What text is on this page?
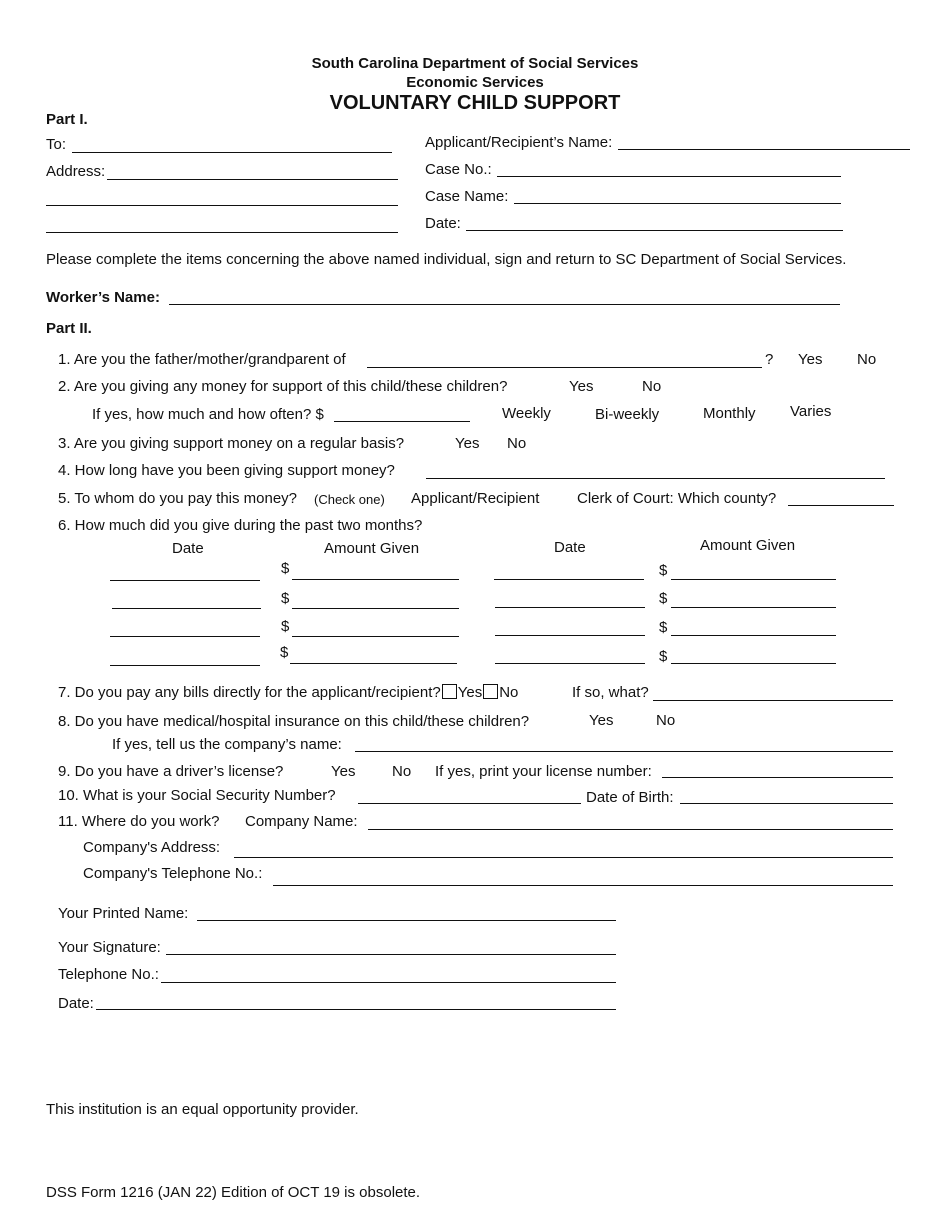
South Carolina Department of Social Services
Economic Services
VOLUNTARY CHILD SUPPORT
Part I.
To:
Address:
Applicant/Recipient’s Name:
Case No.:
Case Name:
Date:
Please complete the items concerning the above named individual, sign and return to SC Department of Social Services.
Worker’s Name:
Part II.
1. Are you the father/mother/grandparent of	? Yes No
2. Are you giving any money for support of this child/these children?	Yes	No
If yes, how much and how often? $	Weekly	Bi-weekly	Monthly Varies
3. Are you giving support money on a regular basis?	Yes No
4. How long have you been giving support money?
5. To whom do you pay this money? (Check one) Applicant/Recipient	Clerk of Court: Which county?
6. How much did you give during the past two months?
Date	Amount Given	Date	Amount Given
$	$
$	$
$	$
$	$
7. Do you pay any bills directly for the applicant/recipient? Yes No	If so, what?
8. Do you have medical/hospital insurance on this child/these children?	Yes	No
If yes, tell us the company’s name:
9. Do you have a driver’s license?	Yes No If yes, print your license number:
10. What is your Social Security Number?	Date of Birth:
11. Where do you work? Company Name:
Company's Address:
Company's Telephone No.:
Your Printed Name:
Your Signature:
Telephone No.:
Date:
This institution is an equal opportunity provider.
DSS Form 1216 (JAN 22) Edition of OCT 19 is obsolete.
